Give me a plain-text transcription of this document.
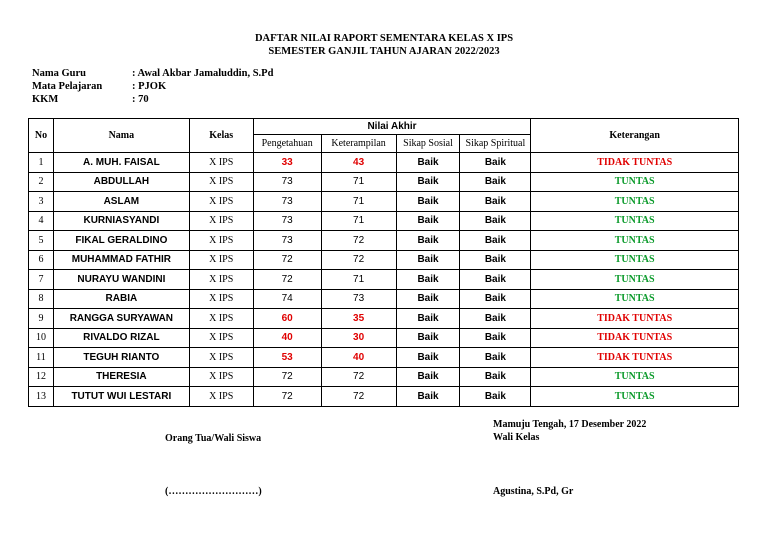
DAFTAR NILAI RAPORT SEMENTARA KELAS X IPS
SEMESTER GANJIL TAHUN AJARAN 2022/2023
Nama Guru	: Awal Akbar Jamaluddin, S.Pd
Mata Pelajaran	: PJOK
KKM	: 70
No	Nama	Kelas	Nilai Akhir				Keterangan
			Pengetahuan	Keterampilan	Sikap Sosial	Sikap Spiritual	
1	A. MUH. FAISAL	X IPS	33	43	Baik	Baik	TIDAK TUNTAS
2	ABDULLAH	X IPS	73	71	Baik	Baik	TUNTAS
3	ASLAM	X IPS	73	71	Baik	Baik	TUNTAS
4	KURNIASYANDI	X IPS	73	71	Baik	Baik	TUNTAS
5	FIKAL GERALDINO	X IPS	73	72	Baik	Baik	TUNTAS
6	MUHAMMAD FATHIR	X IPS	72	72	Baik	Baik	TUNTAS
7	NURAYU WANDINI	X IPS	72	71	Baik	Baik	TUNTAS
8	RABIA	X IPS	74	73	Baik	Baik	TUNTAS
9	RANGGA SURYAWAN	X IPS	60	35	Baik	Baik	TIDAK TUNTAS
10	RIVALDO RIZAL	X IPS	40	30	Baik	Baik	TIDAK TUNTAS
11	TEGUH RIANTO	X IPS	53	40	Baik	Baik	TIDAK TUNTAS
12	THERESIA	X IPS	72	72	Baik	Baik	TUNTAS
13	TUTUT WUI LESTARI	X IPS	72	72	Baik	Baik	TUNTAS
Mamuju Tengah, 17 Desember 2022
Wali Kelas
Orang Tua/Wali Siswa
(………………………)	Agustina, S.Pd, Gr
